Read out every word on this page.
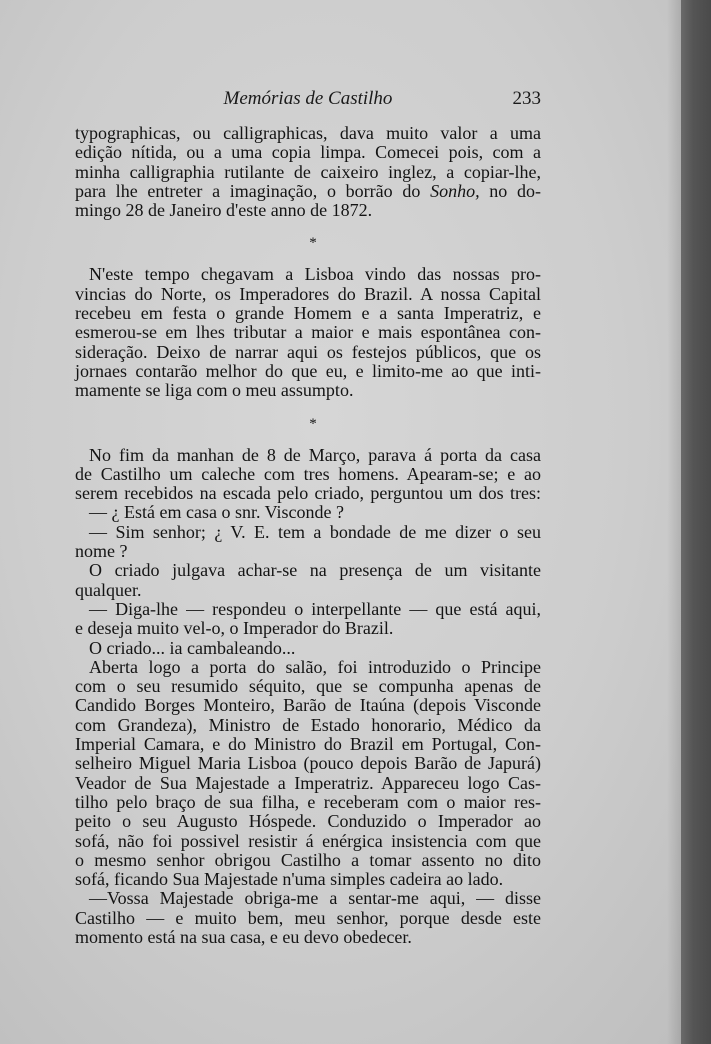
Memórias de Castilho	233

typographicas, ou calligraphicas, dava muito valor a uma
edição nítida, ou a uma copia limpa. Comecei pois, com a
minha calligraphia rutilante de caixeiro inglez, a copiar-lhe,
para lhe entreter a imaginação, o borrão do Sonho, no do-
mingo 28 de Janeiro d'este anno de 1872.

*

N'este tempo chegavam a Lisboa vindo das nossas pro-
vincias do Norte, os Imperadores do Brazil. A nossa Capital
recebeu em festa o grande Homem e a santa Imperatriz, e
esmerou-se em lhes tributar a maior e mais espontânea con-
sideração. Deixo de narrar aqui os festejos públicos, que os
jornaes contarão melhor do que eu, e limito-me ao que inti-
mamente se liga com o meu assumpto.

*

No fim da manhan de 8 de Março, parava á porta da casa
de Castilho um caleche com tres homens. Apearam-se; e ao
serem recebidos na escada pelo criado, perguntou um dos tres:
— ¿ Está em casa o snr. Visconde ?
— Sim senhor; ¿ V. E. tem a bondade de me dizer o seu
nome ?
O criado julgava achar-se na presença de um visitante
qualquer.
— Diga-lhe — respondeu o interpellante — que está aqui,
e deseja muito vel-o, o Imperador do Brazil.
O criado... ia cambaleando...
Aberta logo a porta do salão, foi introduzido o Principe
com o seu resumido séquito, que se compunha apenas de
Candido Borges Monteiro, Barão de Itaúna (depois Visconde
com Grandeza), Ministro de Estado honorario, Médico da
Imperial Camara, e do Ministro do Brazil em Portugal, Con-
selheiro Miguel Maria Lisboa (pouco depois Barão de Japurá)
Veador de Sua Majestade a Imperatriz. Appareceu logo Cas-
tilho pelo braço de sua filha, e receberam com o maior res-
peito o seu Augusto Hóspede. Conduzido o Imperador ao
sofá, não foi possivel resistir á enérgica insistencia com que
o mesmo senhor obrigou Castilho a tomar assento no dito
sofá, ficando Sua Majestade n'uma simples cadeira ao lado.
—Vossa Majestade obriga-me a sentar-me aqui, — disse
Castilho — e muito bem, meu senhor, porque desde este
momento está na sua casa, e eu devo obedecer.
